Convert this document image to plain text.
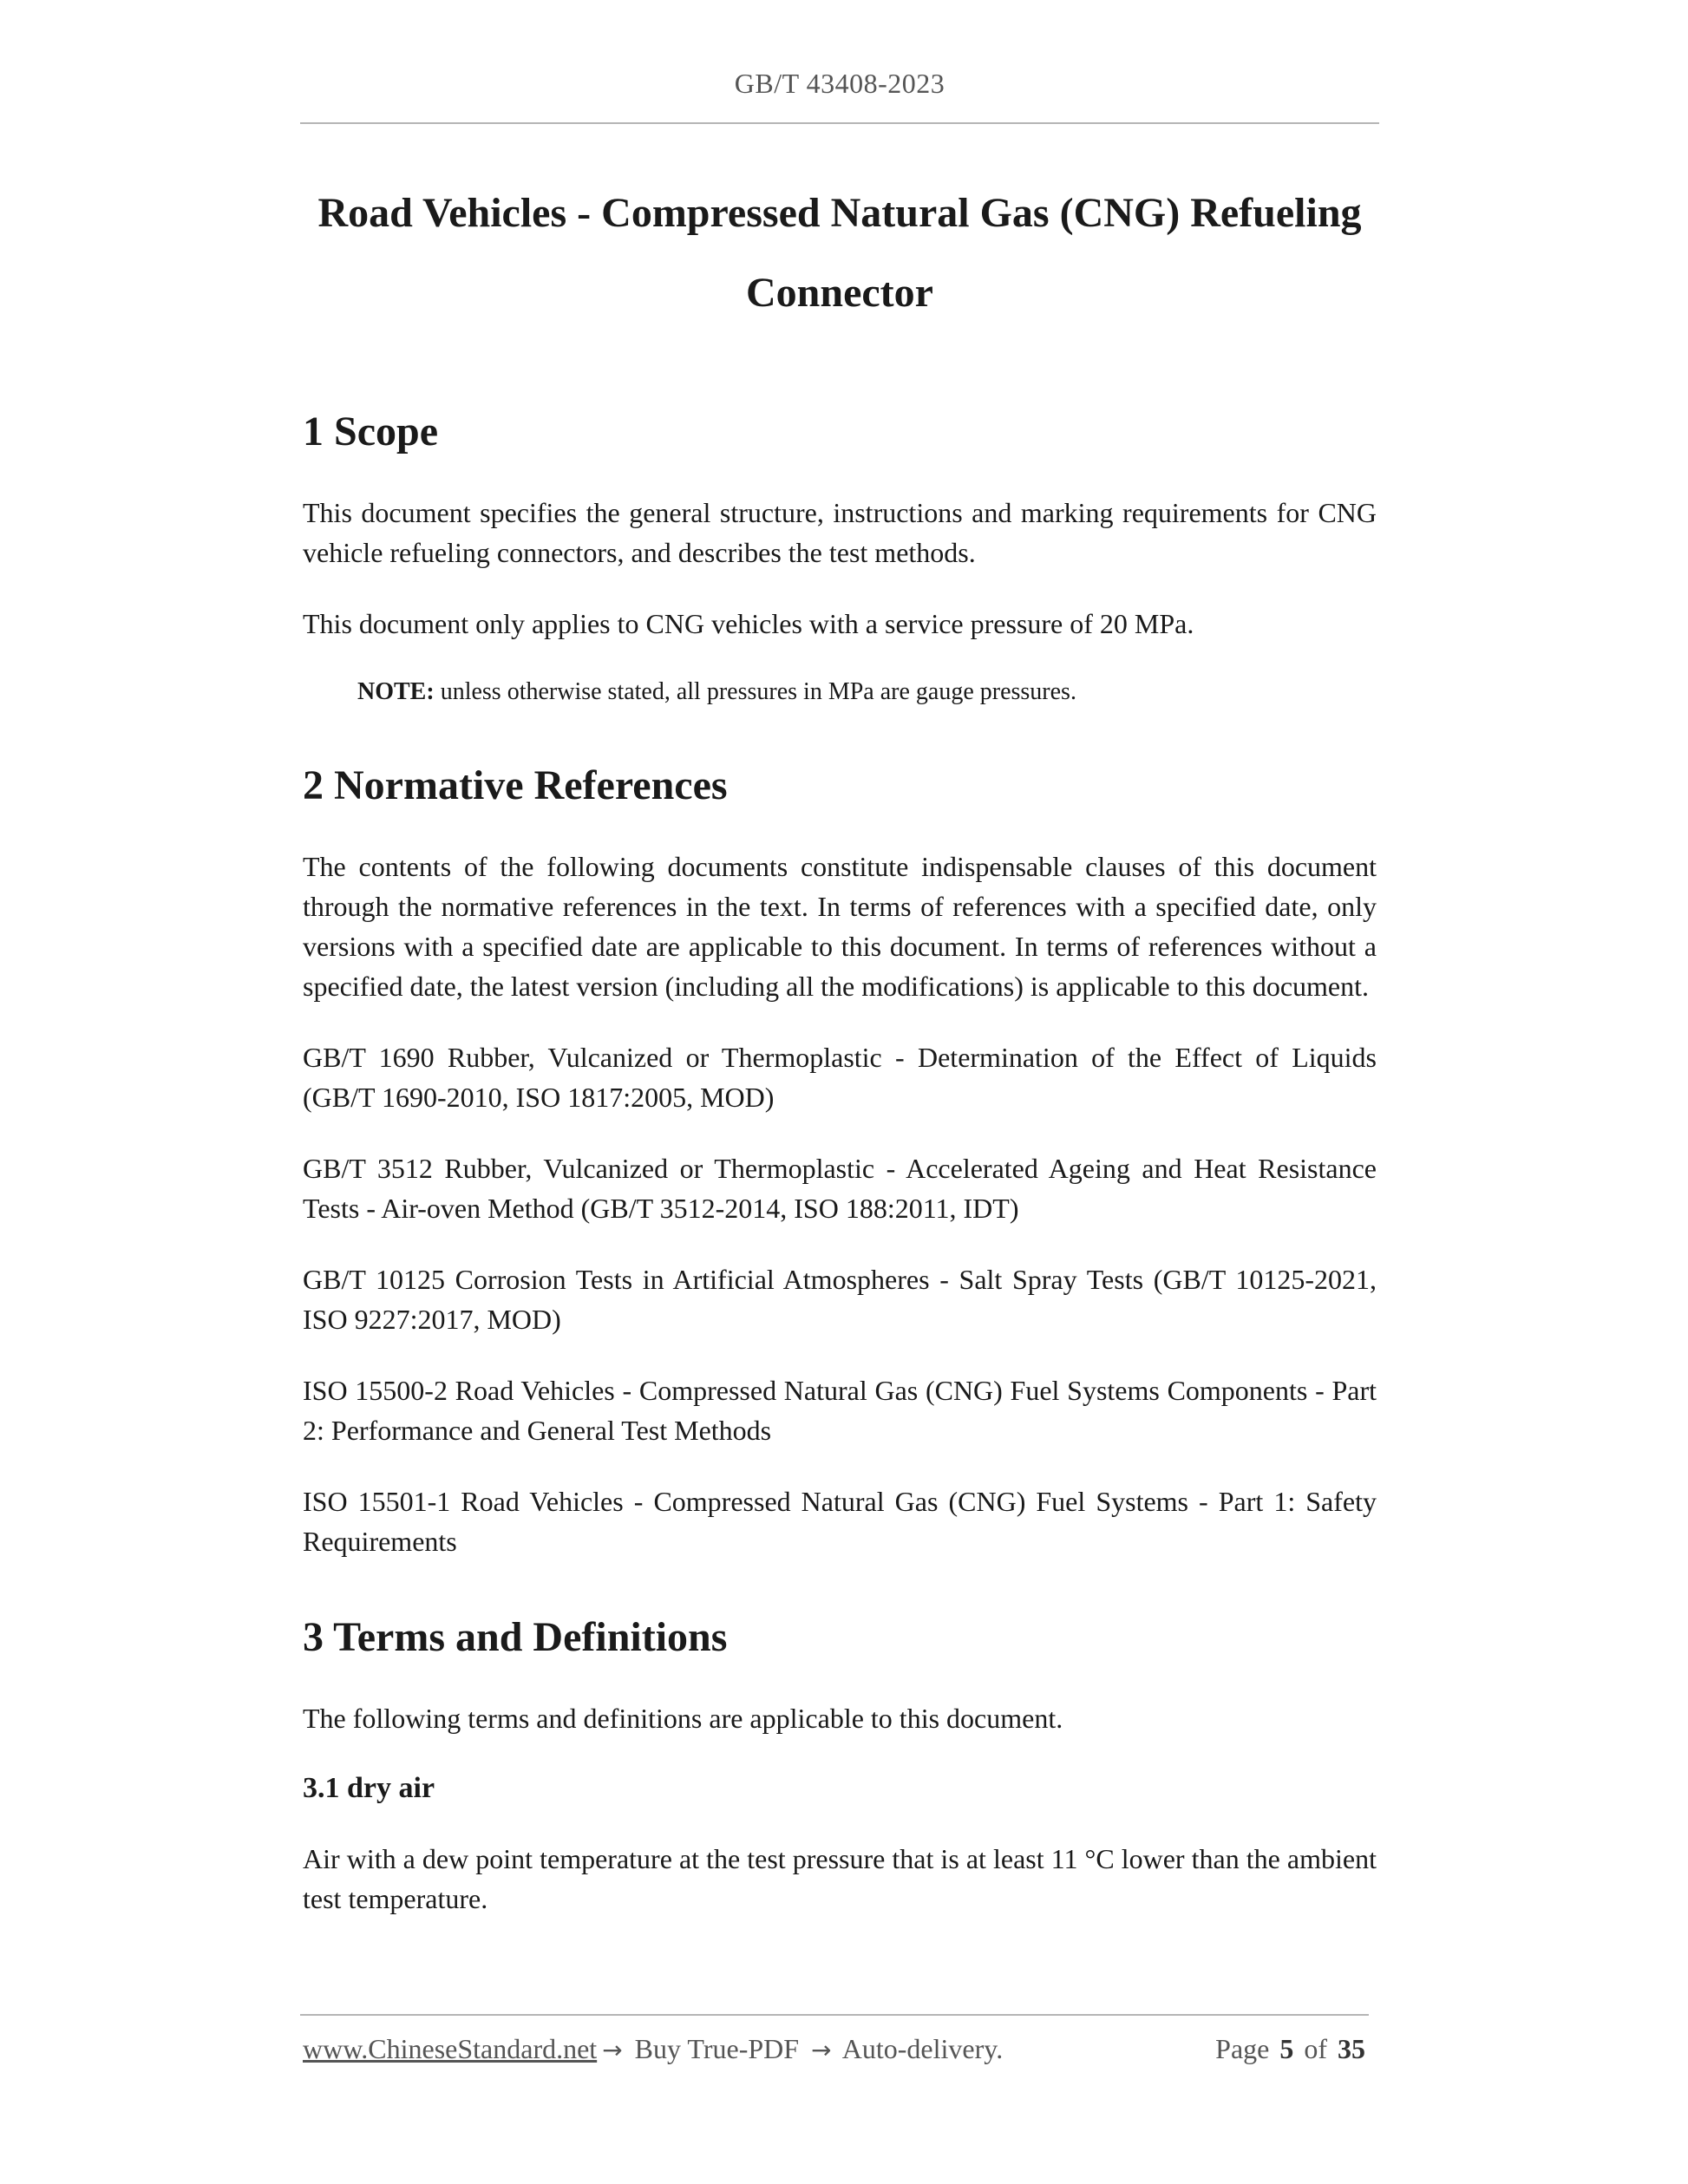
GB/T 43408-2023
Road Vehicles - Compressed Natural Gas (CNG) Refueling
Connector
1 Scope

This document specifies the general structure, instructions and marking requirements for CNG vehicle refueling connectors, and describes the test methods.

This document only applies to CNG vehicles with a service pressure of 20 MPa.

NOTE: unless otherwise stated, all pressures in MPa are gauge pressures.

2 Normative References

The contents of the following documents constitute indispensable clauses of this document through the normative references in the text. In terms of references with a specified date, only versions with a specified date are applicable to this document. In terms of references without a specified date, the latest version (including all the modifications) is applicable to this document.

GB/T 1690 Rubber, Vulcanized or Thermoplastic - Determination of the Effect of Liquids (GB/T 1690-2010, ISO 1817:2005, MOD)

GB/T 3512 Rubber, Vulcanized or Thermoplastic - Accelerated Ageing and Heat Resistance Tests - Air-oven Method (GB/T 3512-2014, ISO 188:2011, IDT)

GB/T 10125 Corrosion Tests in Artificial Atmospheres - Salt Spray Tests (GB/T 10125-2021, ISO 9227:2017, MOD)

ISO 15500-2 Road Vehicles - Compressed Natural Gas (CNG) Fuel Systems Components - Part 2: Performance and General Test Methods

ISO 15501-1 Road Vehicles - Compressed Natural Gas (CNG) Fuel Systems - Part 1: Safety Requirements

3 Terms and Definitions

The following terms and definitions are applicable to this document.

3.1 dry air

Air with a dew point temperature at the test pressure that is at least 11 °C lower than the ambient test temperature.

www.ChineseStandard.net → Buy True-PDF → Auto-delivery.	Page 5 of 35
